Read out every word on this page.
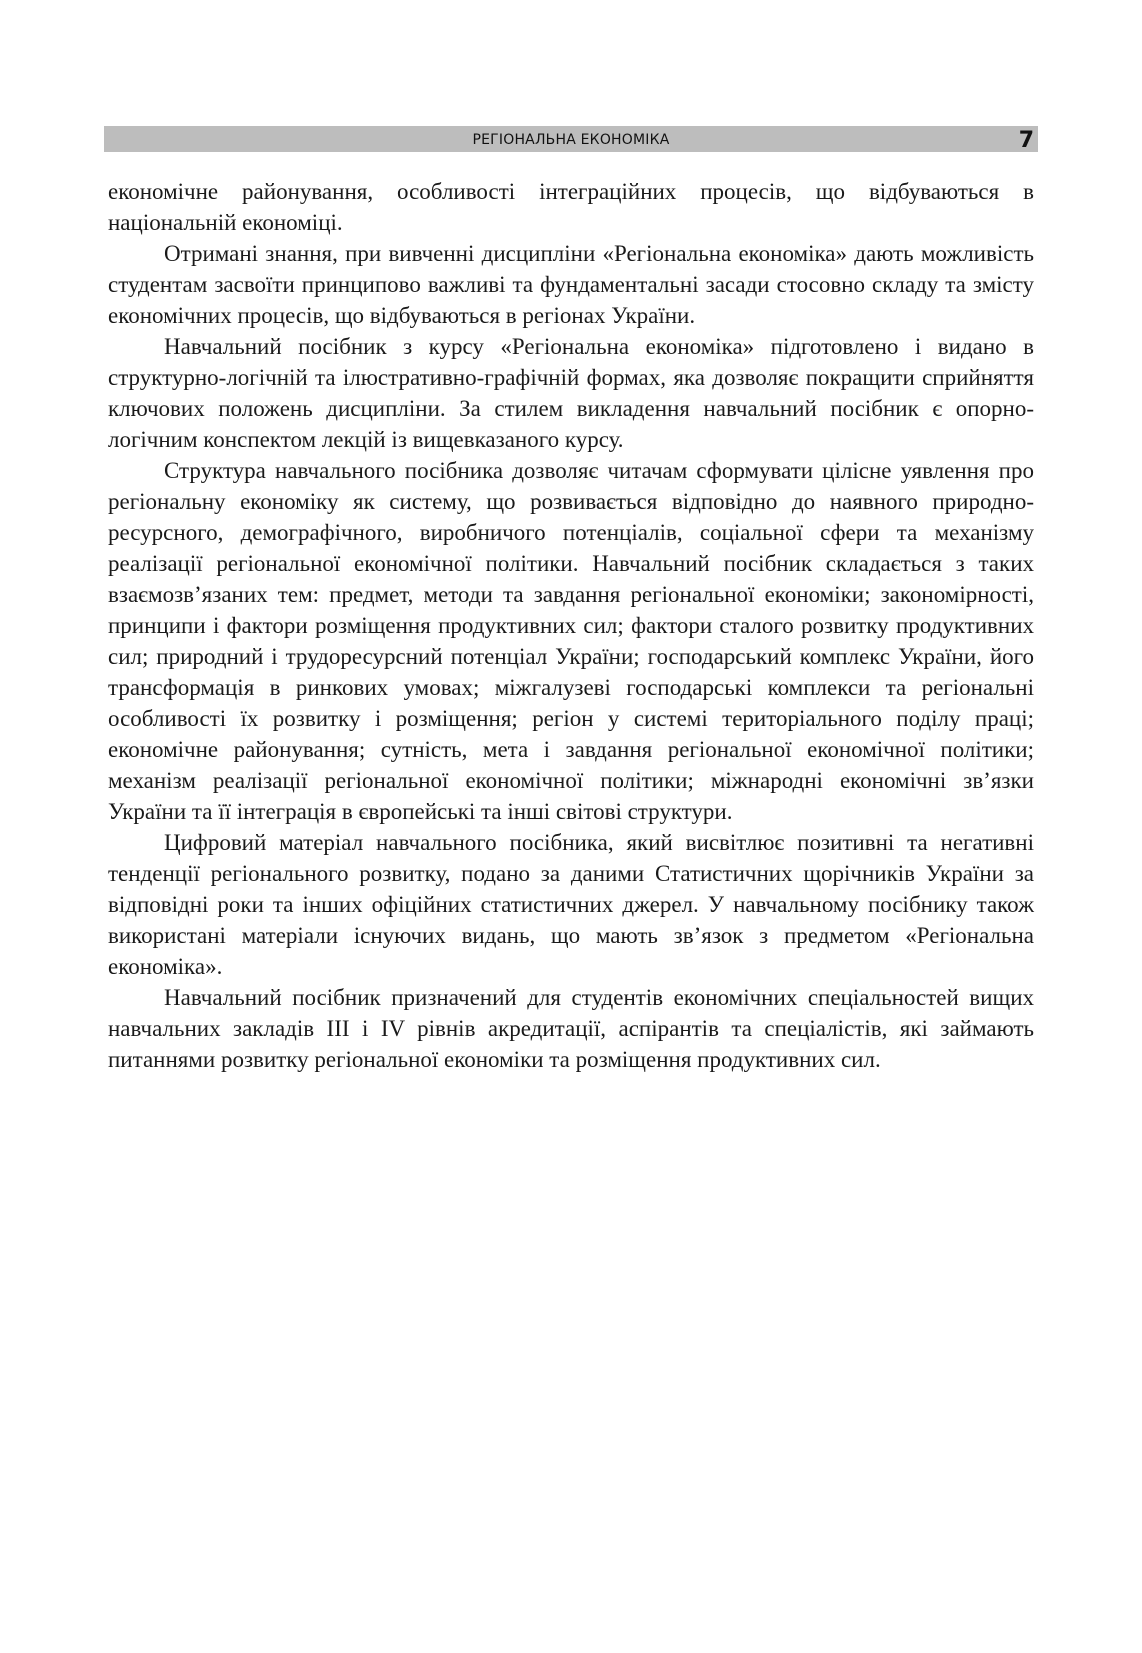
РЕГІОНАЛЬНА ЕКОНОМІКА	7

економічне районування, особливості інтеграційних процесів, що відбуваються в національній економіці.

Отримані знання, при вивченні дисципліни «Регіональна економіка» дають можливість студентам засвоїти принципово важливі та фундаментальні засади стосовно складу та змісту економічних процесів, що відбуваються в регіонах України.

Навчальний посібник з курсу «Регіональна економіка» підготовлено і видано в структурно-логічній та ілюстративно-графічній формах, яка дозволяє покращити сприйняття ключових положень дисципліни. За стилем викладення навчальний посібник є опорно-логічним конспектом лекцій із вищевказаного курсу.

Структура навчального посібника дозволяє читачам сформувати цілісне уявлення про регіональну економіку як систему, що розвивається відповідно до наявного природно-ресурсного, демографічного, виробничого потенціалів, соціальної сфери та механізму реалізації регіональної економічної політики. Навчальний посібник складається з таких взаємозв’язаних тем: предмет, методи та завдання регіональної економіки; закономірності, принципи і фактори розміщення продуктивних сил; фактори сталого розвитку продуктивних сил; природний і трудоресурсний потенціал України; господарський комплекс України, його трансформація в ринкових умовах; міжгалузеві господарські комплекси та регіональні особливості їх розвитку і розміщення; регіон у системі територіального поділу праці; економічне районування; сутність, мета і завдання регіональної економічної політики; механізм реалізації регіональної економічної політики; міжнародні економічні зв’язки України та її інтеграція в європейські та інші світові структури.

Цифровий матеріал навчального посібника, який висвітлює позитивні та негативні тенденції регіонального розвитку, подано за даними Статистичних щорічників України за відповідні роки та інших офіційних статистичних джерел. У навчальному посібнику також використані матеріали існуючих видань, що мають зв’язок з предметом «Регіональна економіка».

Навчальний посібник призначений для студентів економічних спеціальностей вищих навчальних закладів III і IV рівнів акредитації, аспірантів та спеціалістів, які займають питаннями розвитку регіональної економіки та розміщення продуктивних сил.
